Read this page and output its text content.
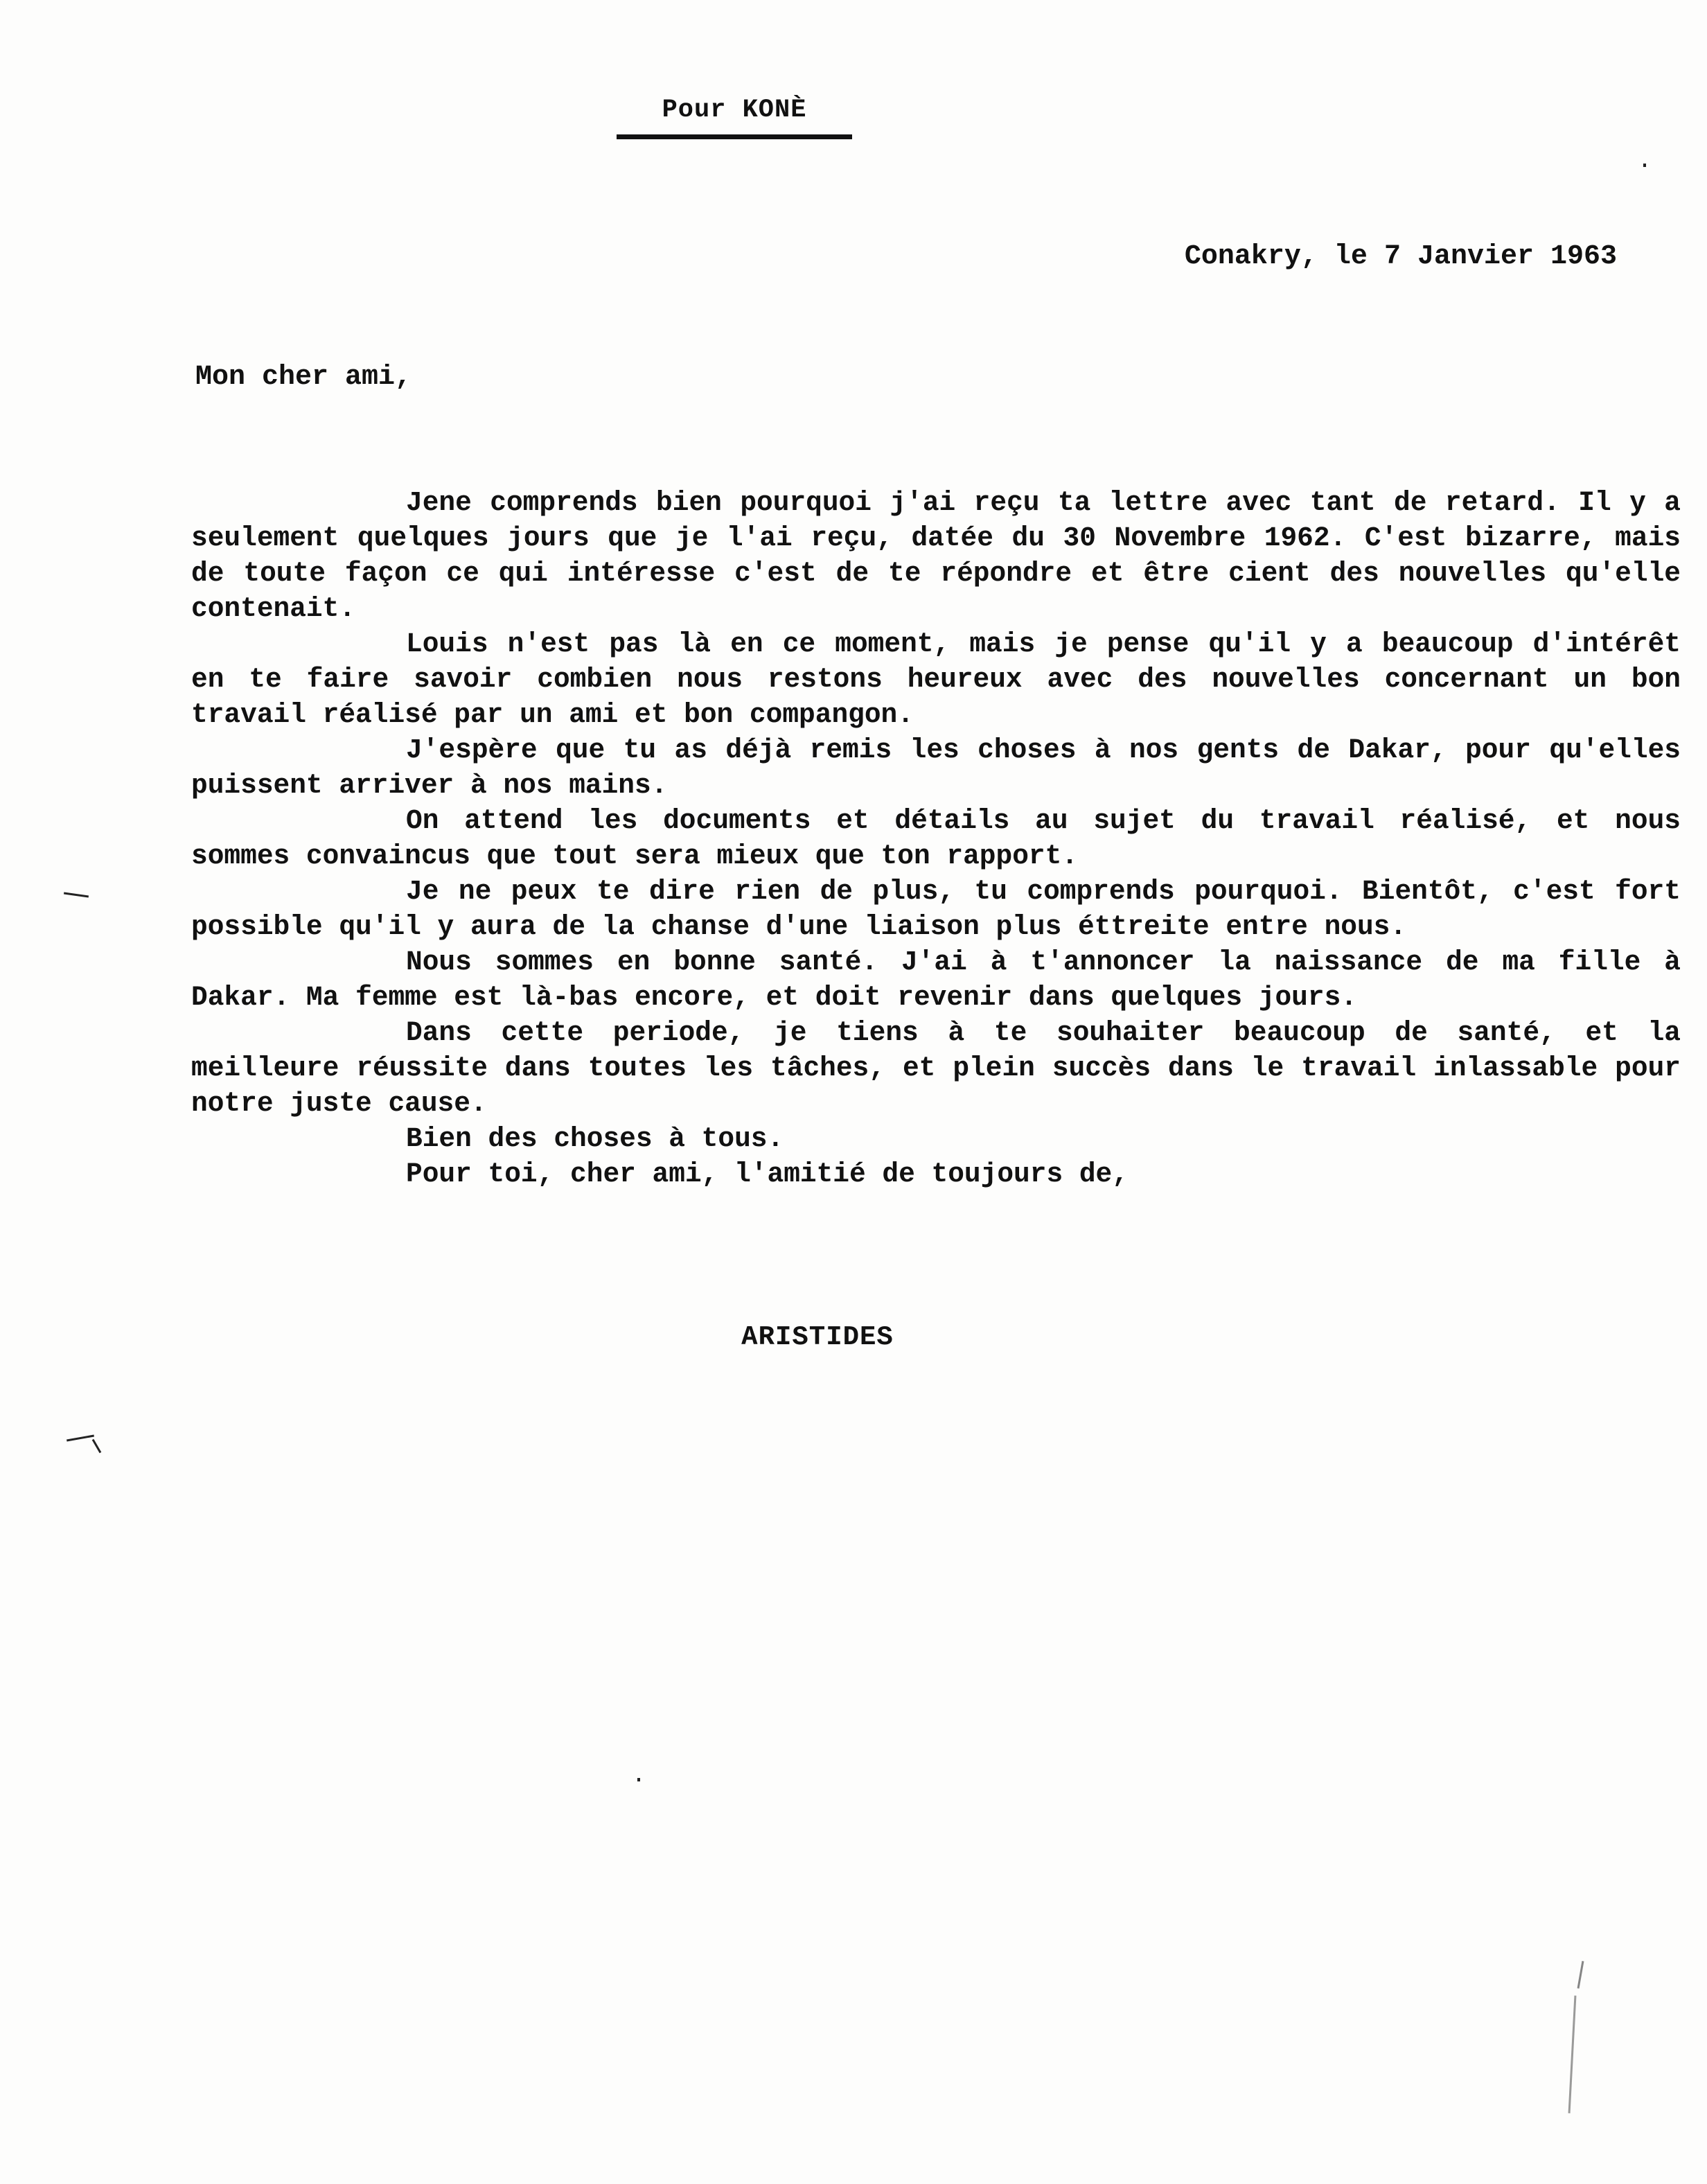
Pour KONÈ
Conakry, le 7 Janvier 1963
Mon cher ami,

Jene comprends bien pourquoi j'ai reçu ta lettre avec tant de retard. Il y a seulement quelques jours que je l'ai reçu, datée du 30 Novembre 1962. C'est bizarre, mais de toute façon ce qui intéresse c'est de te répondre et être cient des nouvelles qu'elle contenait.

Louis n'est pas là en ce moment, mais je pense qu'il y a beaucoup d'intérêt en te faire savoir combien nous restons heureux avec des nouvelles concernant un bon travail réalisé par un ami et bon compangon.

J'espère que tu as déjà remis les choses à nos gents de Dakar, pour qu'elles puissent arriver à nos mains.

On attend les documents et détails au sujet du travail réalisé, et nous sommes convaincus que tout sera mieux que ton rapport.

Je ne peux te dire rien de plus, tu comprends pourquoi. Bientôt, c'est fort possible qu'il y aura de la chanse d'une liaison plus éttreite entre nous.

Nous sommes en bonne santé. J'ai à t'annoncer la naissance de ma fille à Dakar. Ma femme est là-bas encore, et doit revenir dans quelques jours.

Dans cette periode, je tiens à te souhaiter beaucoup de santé, et la meilleure réussite dans toutes les tâches, et plein succès dans le travail inlassable pour notre juste cause.

Bien des choses à tous.
Pour toi, cher ami, l'amitié de toujours de,
ARISTIDES
